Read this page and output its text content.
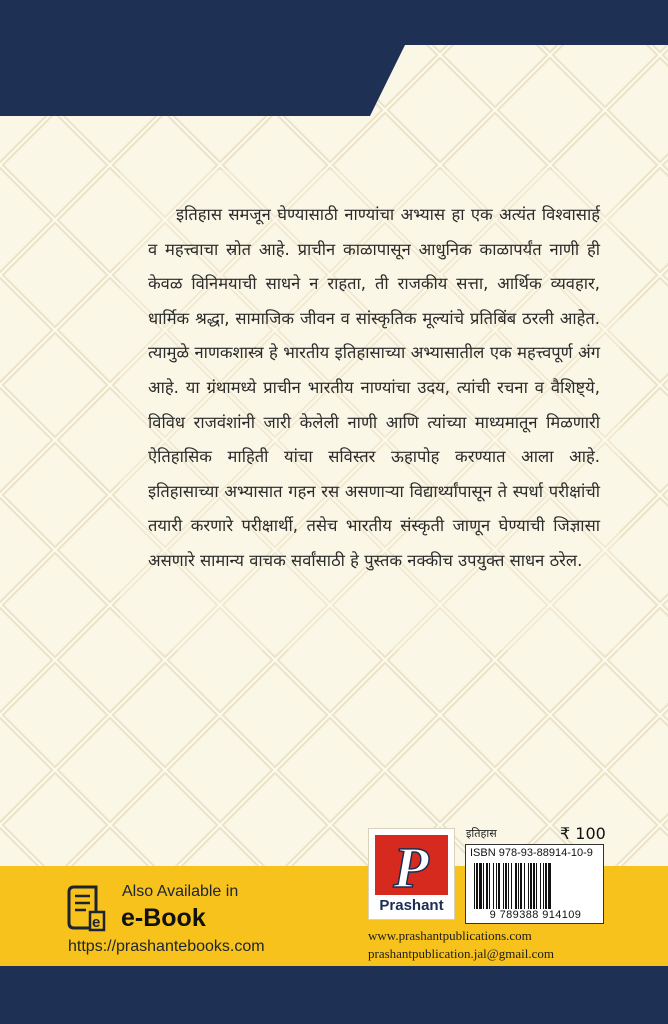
इतिहास समजून घेण्यासाठी नाण्यांचा अभ्यास हा एक अत्यंत विश्वासार्ह व महत्त्वाचा स्रोत आहे. प्राचीन काळापासून आधुनिक काळापर्यंत नाणी ही केवळ विनिमयाची साधने न राहता, ती राजकीय सत्ता, आर्थिक व्यवहार, धार्मिक श्रद्धा, सामाजिक जीवन व सांस्कृतिक मूल्यांचे प्रतिबिंब ठरली आहेत. त्यामुळे नाणकशास्त्र हे भारतीय इतिहासाच्या अभ्यासातील एक महत्त्वपूर्ण अंग आहे. या ग्रंथामध्ये प्राचीन भारतीय नाण्यांचा उदय, त्यांची रचना व वैशिष्ट्ये, विविध राजवंशांनी जारी केलेली नाणी आणि त्यांच्या माध्यमातून मिळणारी ऐतिहासिक माहिती यांचा सविस्तर ऊहापोह करण्यात आला आहे. इतिहासाच्या अभ्यासात गहन रस असणाऱ्या विद्यार्थ्यांपासून ते स्पर्धा परीक्षांची तयारी करणारे परीक्षार्थी, तसेच भारतीय संस्कृती जाणून घेण्याची जिज्ञासा असणारे सामान्य वाचक सर्वांसाठी हे पुस्तक नक्कीच उपयुक्त साधन ठरेल.

e
Also Available in
e-Book
https://prashantebooks.com
P
Prashant
इतिहास	₹ 100
ISBN 978-93-88914-10-9
9 789388 914109
www.prashantpublications.com
prashantpublication.jal@gmail.com
